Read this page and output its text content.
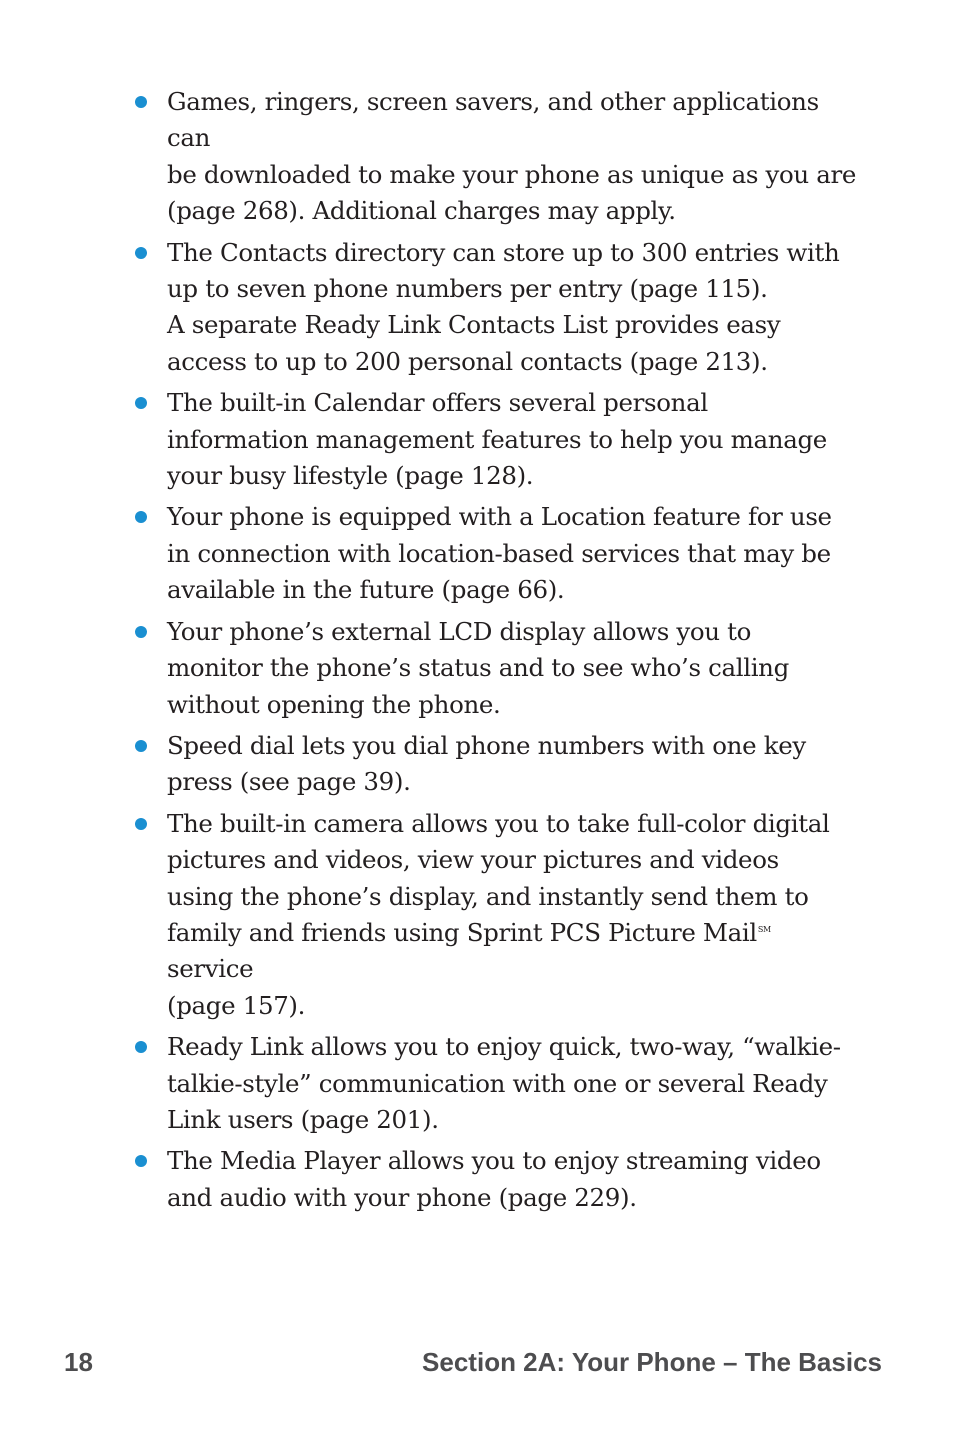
Games, ringers, screen savers, and other applications can
be downloaded to make your phone as unique as you are
(page 268). Additional charges may apply.
The Contacts directory can store up to 300 entries with
up to seven phone numbers per entry (page 115).
A separate Ready Link Contacts List provides easy
access to up to 200 personal contacts (page 213).
The built-in Calendar offers several personal
information management features to help you manage
your busy lifestyle (page 128).
Your phone is equipped with a Location feature for use
in connection with location-based services that may be
available in the future (page 66).
Your phone’s external LCD display allows you to
monitor the phone’s status and to see who’s calling
without opening the phone.
Speed dial lets you dial phone numbers with one key
press (see page 39).
The built-in camera allows you to take full-color digital
pictures and videos, view your pictures and videos
using the phone’s display, and instantly send them to
family and friends using Sprint PCS Picture Mail℠ service
(page 157).
Ready Link allows you to enjoy quick, two-way, “walkie-
talkie-style” communication with one or several Ready
Link users (page 201).
The Media Player allows you to enjoy streaming video
and audio with your phone (page 229).
18	Section 2A: Your Phone – The Basics
